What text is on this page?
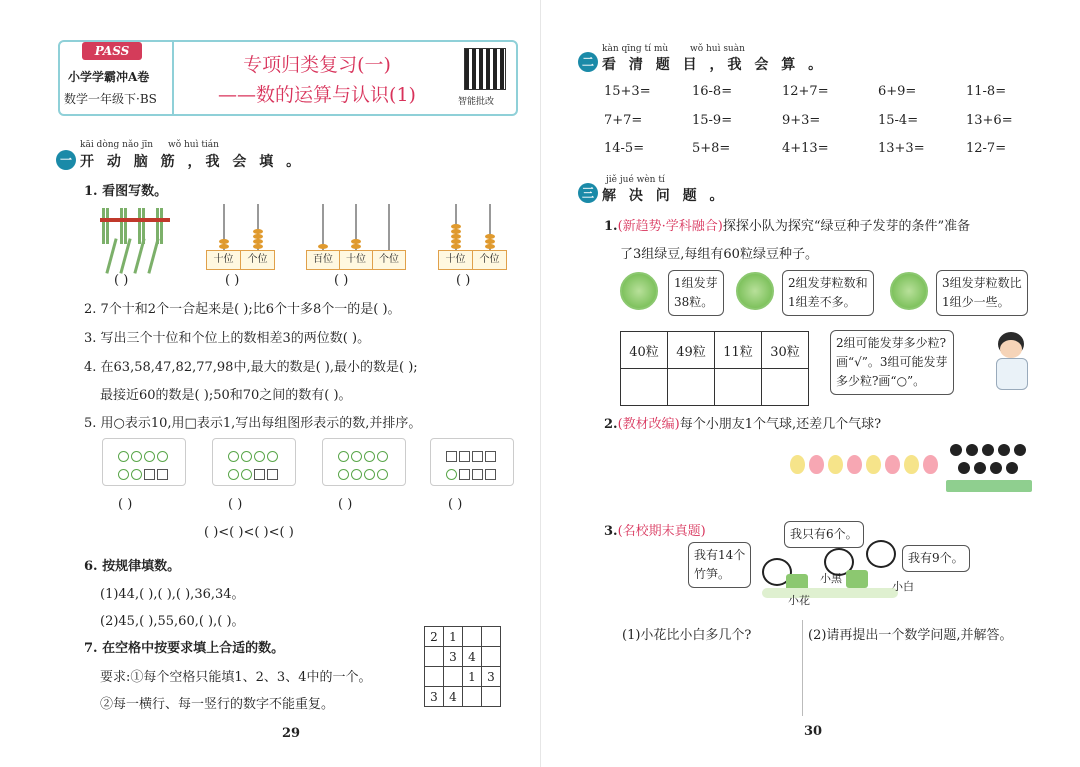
PASS
小学学霸冲A卷
数学一年级下·BS
专项归类复习(一)
——数的运算与认识(1)	智能批改
kāi dòng nǎo jīn wǒ huì tián
一 开 动 脑 筋 ，我 会 填 。
1. 看图写数。
( )
十位	个位
( )
百位	十位	个位
( )
十位	个位
( )
2. 7个十和2个一合起来是( );比6个十多8个一的是( )。
3. 写出三个十位和个位上的数相差3的两位数( )。
4. 在63,58,47,82,77,98中,最大的数是( ),最小的数是( );
最接近60的数是( );50和70之间的数有( )。
5. 用○表示10,用□表示1,写出每组图形表示的数,并排序。
( )	( )	( )	( )
( )<( )<( )<( )
6. 按规律填数。
(1)44,( ),( ),( ),36,34。
(2)45,( ),55,60,( ),( )。
7. 在空格中按要求填上合适的数。
要求:①每个空格只能填1、2、3、4中的一个。
②每一横行、每一竖行的数字不能重复。
2	1		
	3	4	
		1	3
3	4		
29
kàn qīng tí mù wǒ huì suàn
二 看 清 题 目 ，我 会 算 。
15+3=	16-8=	12+7=	6+9=	11-8=
7+7=	15-9=	9+3=	15-4=	13+6=
14-5=	5+8=	4+13=	13+3=	12-7=
jiě jué wèn tí
三 解 决 问 题 。
1.(新趋势·学科融合)探探小队为探究“绿豆种子发芽的条件”准备
了3组绿豆,每组有60粒绿豆种子。
1组发芽
38粒。
2组发芽粒数和
1组差不多。
3组发芽粒数比
1组少一些。
40粒	49粒	11粒	30粒

2组可能发芽多少粒?
画“√”。3组可能发芽
多少粒?画“○”。
2.(教材改编)每个小朋友1个气球,还差几个气球?
3.(名校期末真题)	我只有6个。
我有14个
竹笋。
我有9个。
小花
小黑
小白
(1)小花比小白多几个?	(2)请再提出一个数学问题,并解答。
30
